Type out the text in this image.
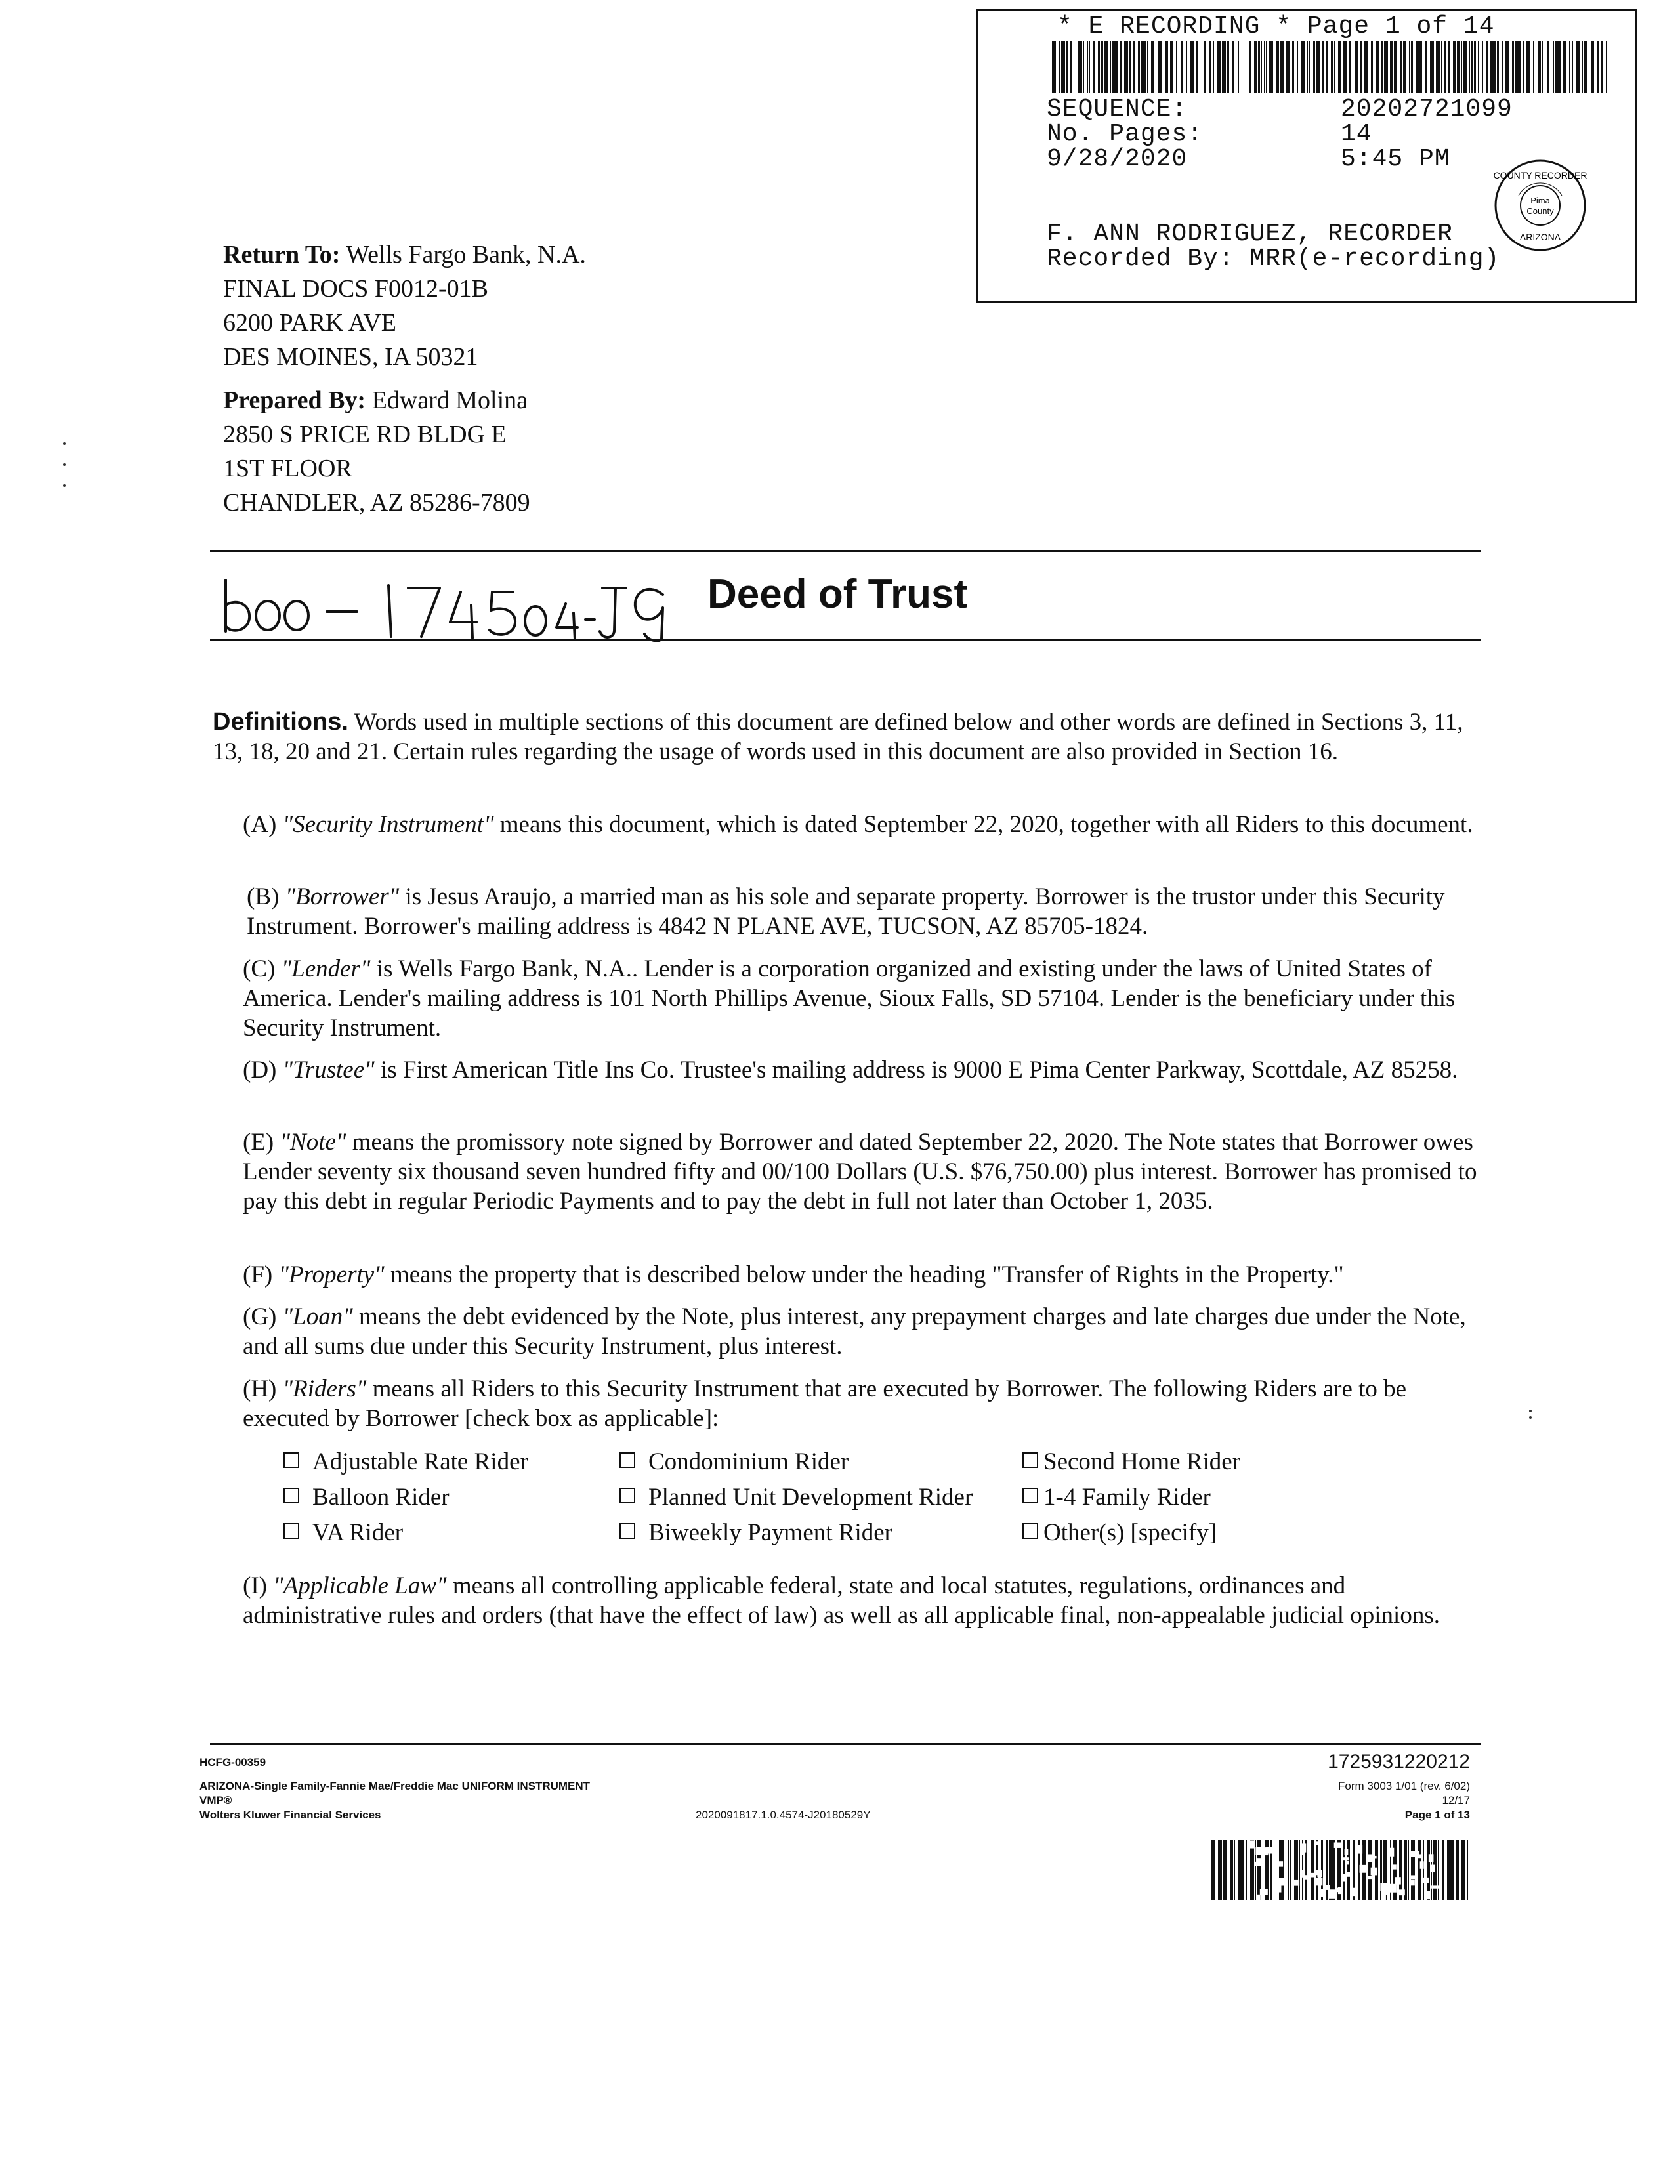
* E RECORDING * Page 1 of 14
SEQUENCE:	20202721099
No. Pages:	14
9/28/2020	5:45 PM
F. ANN RODRIGUEZ, RECORDER
Recorded By: MRR(e-recording)
Pima
County
COUNTY RECORDER
ARIZONA
Return To: Wells Fargo Bank, N.A.
FINAL DOCS F0012-01B
6200 PARK AVE
DES MOINES, IA 50321
Prepared By: Edward Molina
2850 S PRICE RD BLDG E
1ST FLOOR
CHANDLER, AZ 85286-7809
Deed of Trust
Definitions. Words used in multiple sections of this document are defined below and other words are defined in Sections 3, 11, 13, 18, 20 and 21. Certain rules regarding the usage of words used in this document are also provided in Section 16.
(A) "Security Instrument" means this document, which is dated September 22, 2020, together with all Riders to this document.
(B) "Borrower" is Jesus Araujo, a married man as his sole and separate property. Borrower is the trustor under this Security Instrument. Borrower's mailing address is 4842 N PLANE AVE, TUCSON, AZ 85705-1824.
(C) "Lender" is Wells Fargo Bank, N.A.. Lender is a corporation organized and existing under the laws of United States of America. Lender's mailing address is 101 North Phillips Avenue, Sioux Falls, SD 57104. Lender is the beneficiary under this Security Instrument.
(D) "Trustee" is First American Title Ins Co. Trustee's mailing address is 9000 E Pima Center Parkway, Scottdale, AZ 85258.
(E) "Note" means the promissory note signed by Borrower and dated September 22, 2020. The Note states that Borrower owes Lender seventy six thousand seven hundred fifty and 00/100 Dollars (U.S. $76,750.00) plus interest. Borrower has promised to pay this debt in regular Periodic Payments and to pay the debt in full not later than October 1, 2035.
(F) "Property" means the property that is described below under the heading "Transfer of Rights in the Property."
(G) "Loan" means the debt evidenced by the Note, plus interest, any prepayment charges and late charges due under the Note, and all sums due under this Security Instrument, plus interest.
(H) "Riders" means all Riders to this Security Instrument that are executed by Borrower. The following Riders are to be executed by Borrower [check box as applicable]:
Adjustable Rate Rider	Condominium Rider	Second Home Rider
Balloon Rider	Planned Unit Development Rider	1-4 Family Rider
VA Rider	Biweekly Payment Rider	Other(s) [specify]
(I) "Applicable Law" means all controlling applicable federal, state and local statutes, regulations, ordinances and administrative rules and orders (that have the effect of law) as well as all applicable final, non-appealable judicial opinions.
HCFG-00359
ARIZONA-Single Family-Fannie Mae/Freddie Mac UNIFORM INSTRUMENT
VMP®
Wolters Kluwer Financial Services	2020091817.1.0.4574-J20180529Y
1725931220212
Form 3003 1/01 (rev. 6/02)
12/17
Page 1 of 13
